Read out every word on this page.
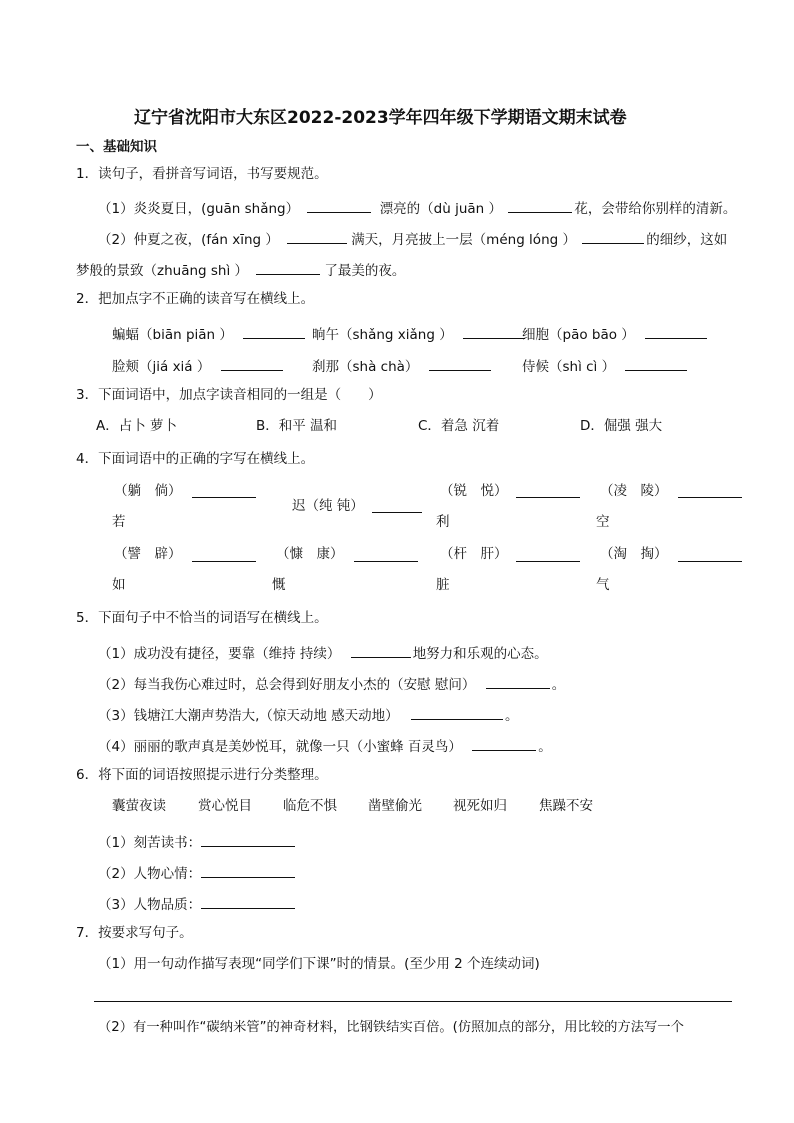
辽宁省沈阳市大东区2022-2023学年四年级下学期语文期末试卷
一、基础知识
1．读句子，看拼音写词语，书写要规范。
（1）炎炎夏日，(guān shǎng）	漂亮的（dù juān ）	花，会带给你别样的清新。
（2）仲夏之夜，(fán xīng ）	满天，月亮披上一层（méng lóng ）	的细纱，这如
梦般的景致（zhuāng shì ）	了最美的夜。
2．把加点字不正确的读音写在横线上。
蝙蝠（biān piān ）	晌午（shǎng xiǎng ）	细胞（pāo bāo ）
脸颊（jiá xiá ）	刹那（shà chà）	侍候（shì cì ）
3．下面词语中，加点字读音相同的一组是（　　）
A．占卜 萝卜	B．和平 温和	C．着急 沉着	D．倔强 强大
4．下面词语中的正确的字写在横线上。
（躺　倘）
若
迟（纯 钝）
（锐　悦）
利
（凌　陵）
空
（譬　辟）
如
（慷　康）
慨
（杆　肝）
脏
（淘　掏）
气
5．下面句子中不恰当的词语写在横线上。
（1）成功没有捷径，要靠（维持 持续）	地努力和乐观的心态。
（2）每当我伤心难过时，总会得到好朋友小杰的（安慰 慰问）	。
（3）钱塘江大潮声势浩大,（惊天动地 感天动地）	。
（4）丽丽的歌声真是美妙悦耳，就像一只（小蜜蜂 百灵鸟）	。
6．将下面的词语按照提示进行分类整理。
囊萤夜读 赏心悦目 临危不惧 凿壁偷光 视死如归 焦躁不安
（1）刻苦读书：
（2）人物心情：
（3）人物品质：
7．按要求写句子。
（1）用一句动作描写表现“同学们下课”时的情景。(至少用 2 个连续动词)
（2）有一种叫作“碳纳米管”的神奇材料，比钢铁结实百倍。(仿照加点的部分，用比较的方法写一个
